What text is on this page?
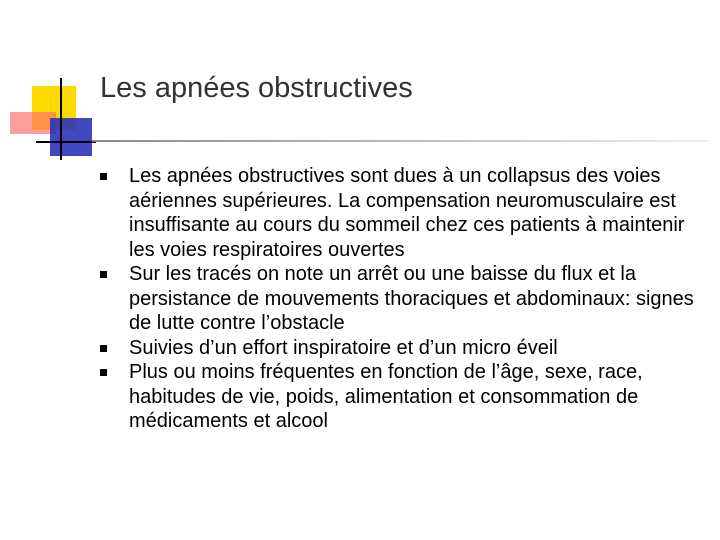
Les apnées obstructives
Les apnées obstructives sont dues à un collapsus des voies aériennes supérieures. La compensation neuromusculaire est insuffisante au cours du sommeil chez ces patients à maintenir les voies respiratoires ouvertes
Sur les tracés on note un arrêt ou une baisse du flux et la persistance de mouvements thoraciques et abdominaux: signes de lutte contre l’obstacle
Suivies d’un effort inspiratoire et d’un micro éveil
Plus ou moins fréquentes en fonction de l’âge, sexe, race, habitudes de vie, poids, alimentation et consommation de médicaments et alcool
